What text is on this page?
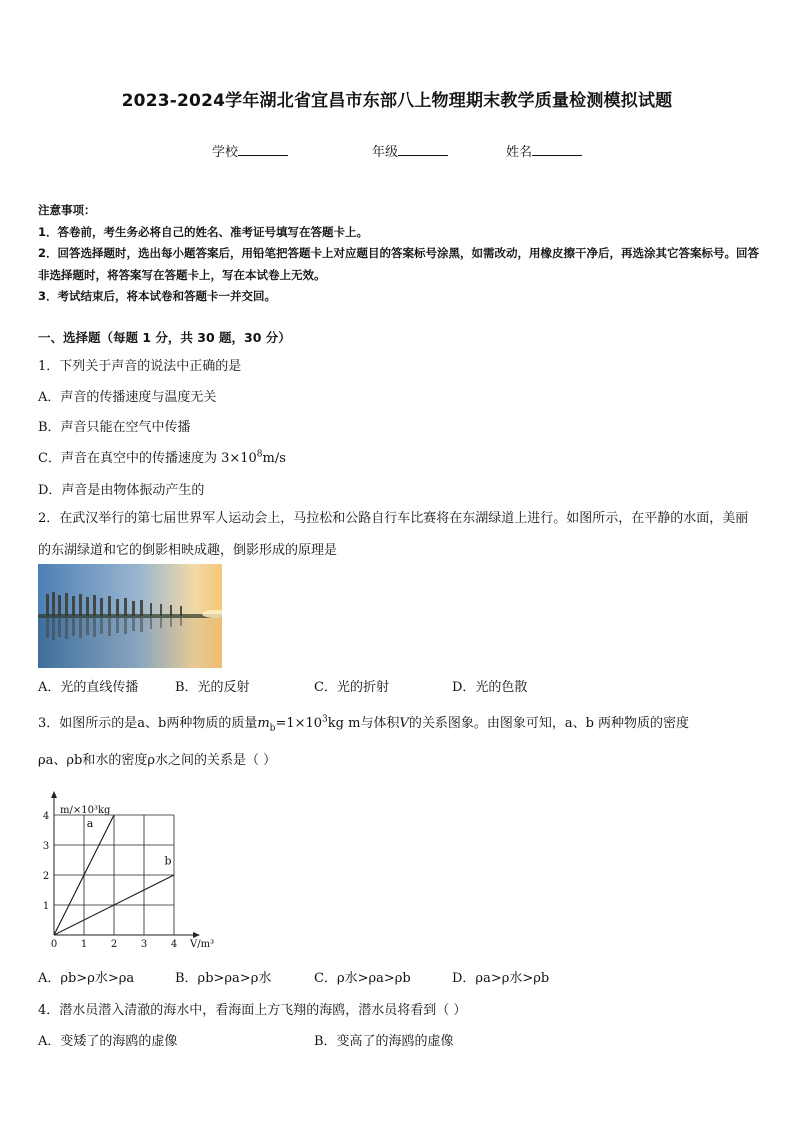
2023-2024学年湖北省宜昌市东部八上物理期末教学质量检测模拟试题
学校	年级	姓名
注意事项：
1．答卷前，考生务必将自己的姓名、准考证号填写在答题卡上。
2．回答选择题时，选出每小题答案后，用铅笔把答题卡上对应题目的答案标号涂黑，如需改动，用橡皮擦干净后，再选涂其它答案标号。回答非选择题时，将答案写在答题卡上，写在本试卷上无效。
3．考试结束后，将本试卷和答题卡一并交回。
一、选择题（每题 1 分，共 30 题，30 分）
1．下列关于声音的说法中正确的是
A．声音的传播速度与温度无关
B．声音只能在空气中传播
C．声音在真空中的传播速度为 $3\times 10^8m/s$
D．声音是由物体振动产生的
2．在武汉举行的第七届世界军人运动会上，马拉松和公路自行车比赛将在东湖绿道上进行。如图所示，在平静的水面，美丽的东湖绿道和它的倒影相映成趣，倒影形成的原理是
A．光的直线传播	B．光的反射	C．光的折射	D．光的色散
3．如图所示的是a、b两种物质的质量$m_b=1\times 10^3kg$ m与体积V的关系图象。由图象可知，a、b 两种物质的密度
ρa、ρb和水的密度ρ水之间的关系是（ ）
0 1 2 3 4
1
2
3
4
m/×10³kg
V/m³
a
b
A．ρb>ρ水>ρa	B．ρb>ρa>ρ水	C．ρ水>ρa>ρb	D．ρa>ρ水>ρb
4．潜水员潜入清澈的海水中，看海面上方飞翔的海鸥，潜水员将看到（ ）
A．变矮了的海鸥的虚像	B．变高了的海鸥的虚像
